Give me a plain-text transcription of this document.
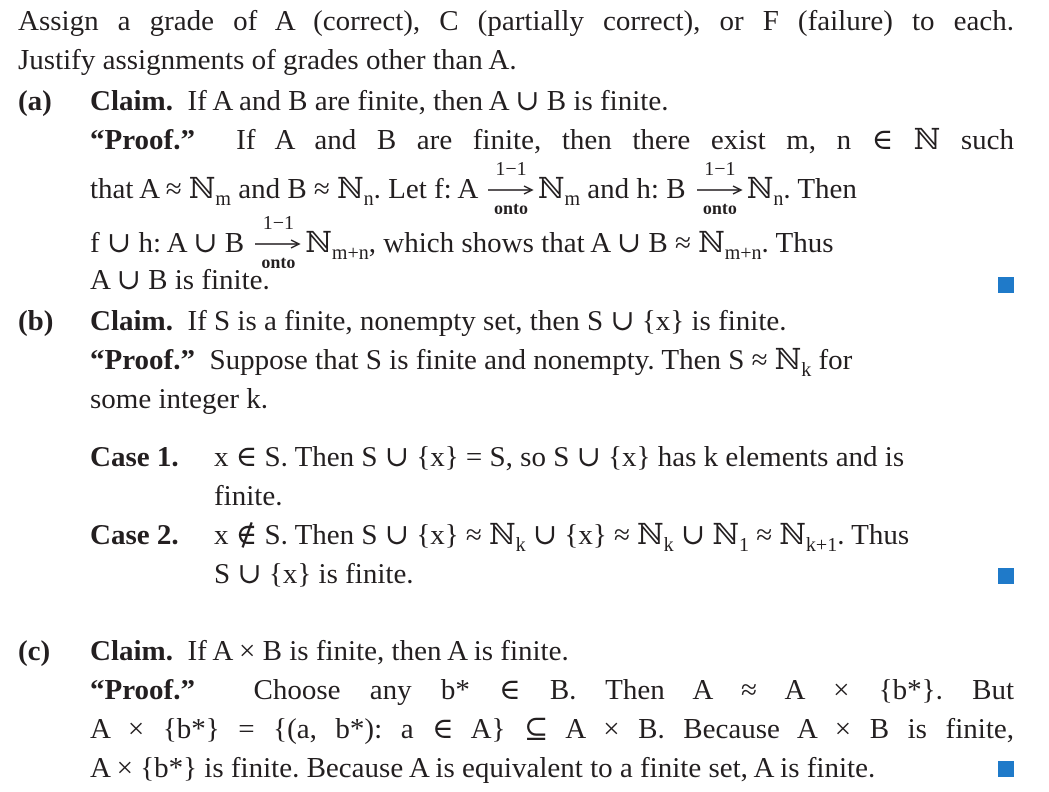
Assign a grade of A (correct), C (partially correct), or F (failure) to each.
Justify assignments of grades other than A.
(a) Claim. If A and B are finite, then A ∪ B is finite.
“Proof.” If A and B are finite, then there exist m, n ∈ ℕ such
that A ≈ ℕ$_m$ and B ≈ ℕ$_n$. Let f: A
1−1
onto
ℕ$_m$ and h: B
1−1
onto
ℕ$_n$. Then
f ∪ h: A ∪ B
1−1
onto
ℕ$_{m+n}$, which shows that A ∪ B ≈ ℕ$_{m+n}$. Thus
A ∪ B is finite.
(b) Claim. If S is a finite, nonempty set, then S ∪ {x} is finite.
“Proof.” Suppose that S is finite and nonempty. Then S ≈ ℕ$_k$ for
some integer k.
Case 1. x ∈ S. Then S ∪ {x} = S, so S ∪ {x} has k elements and is
finite.
Case 2. x ∉ S. Then S ∪ {x} ≈ ℕ$_k$ ∪ {x} ≈ ℕ$_k$ ∪ ℕ$_1$ ≈ ℕ$_{k+1}$. Thus
S ∪ {x} is finite.
(c) Claim. If A × B is finite, then A is finite.
“Proof.” Choose any b* ∈ B. Then A ≈ A × {b*}. But
A × {b*} = {(a, b*): a ∈ A} ⊆ A × B. Because A × B is finite,
A × {b*} is finite. Because A is equivalent to a finite set, A is finite.
